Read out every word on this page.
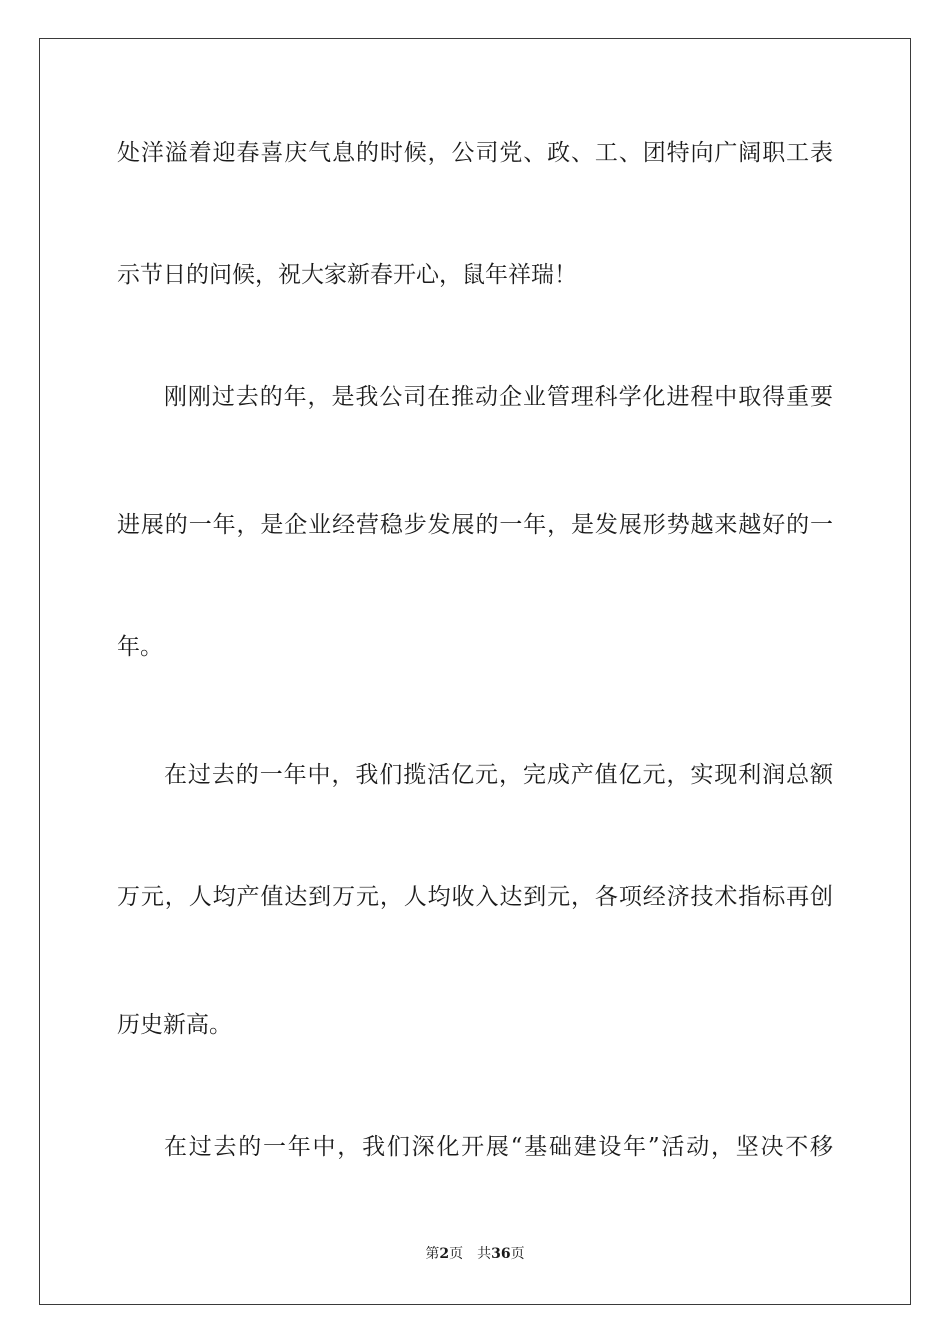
处洋溢着迎春喜庆气息的时候，公司党、政、工、团特向广阔职工表
示节日的问候，祝大家新春开心，鼠年祥瑞！
刚刚过去的年，是我公司在推动企业管理科学化进程中取得重要
进展的一年，是企业经营稳步发展的一年，是发展形势越来越好的一
年。
在过去的一年中，我们揽活亿元，完成产值亿元，实现利润总额
万元，人均产值达到万元，人均收入达到元，各项经济技术指标再创
历史新高。
在过去的一年中，我们深化开展“基础建设年”活动，坚决不移
第2页 共36页
